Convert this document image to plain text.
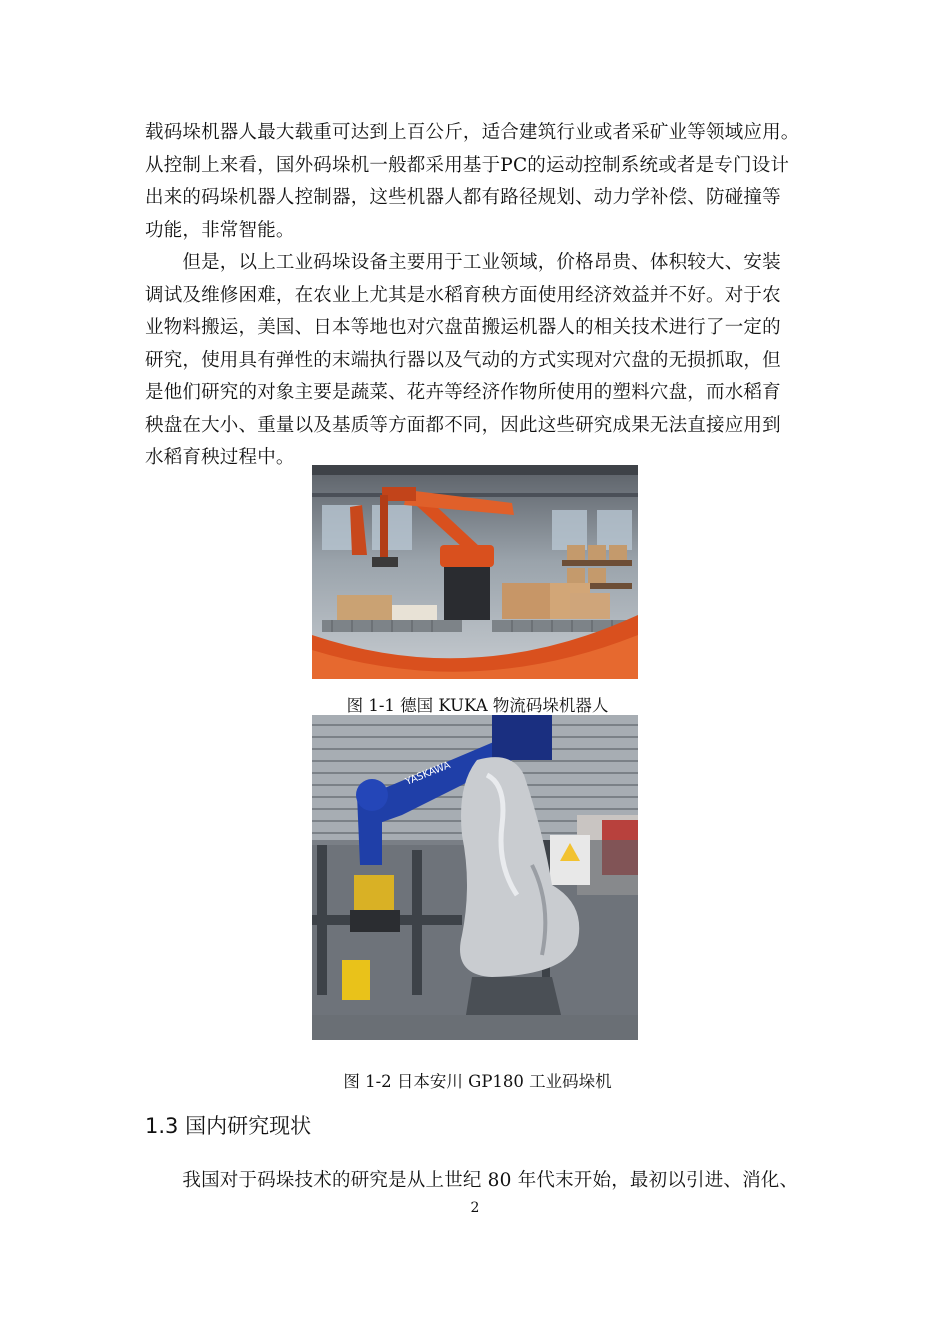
载码垛机器人最大载重可达到上百公斤，适合建筑行业或者采矿业等领域应用。
从控制上来看，国外码垛机一般都采用基于PC的运动控制系统或者是专门设计
出来的码垛机器人控制器，这些机器人都有路径规划、动力学补偿、防碰撞等
功能，非常智能。
　　但是，以上工业码垛设备主要用于工业领域，价格昂贵、体积较大、安装
调试及维修困难，在农业上尤其是水稻育秧方面使用经济效益并不好。对于农
业物料搬运，美国、日本等地也对穴盘苗搬运机器人的相关技术进行了一定的
研究，使用具有弹性的末端执行器以及气动的方式实现对穴盘的无损抓取，但
是他们研究的对象主要是蔬菜、花卉等经济作物所使用的塑料穴盘，而水稻育
秧盘在大小、重量以及基质等方面都不同，因此这些研究成果无法直接应用到
水稻育秧过程中。
图 1-1 德国 KUKA 物流码垛机器人
YASKAWA
图 1-2 日本安川 GP180 工业码垛机
1.3 国内研究现状
　　我国对于码垛技术的研究是从上世纪 80 年代末开始，最初以引进、消化、
2
